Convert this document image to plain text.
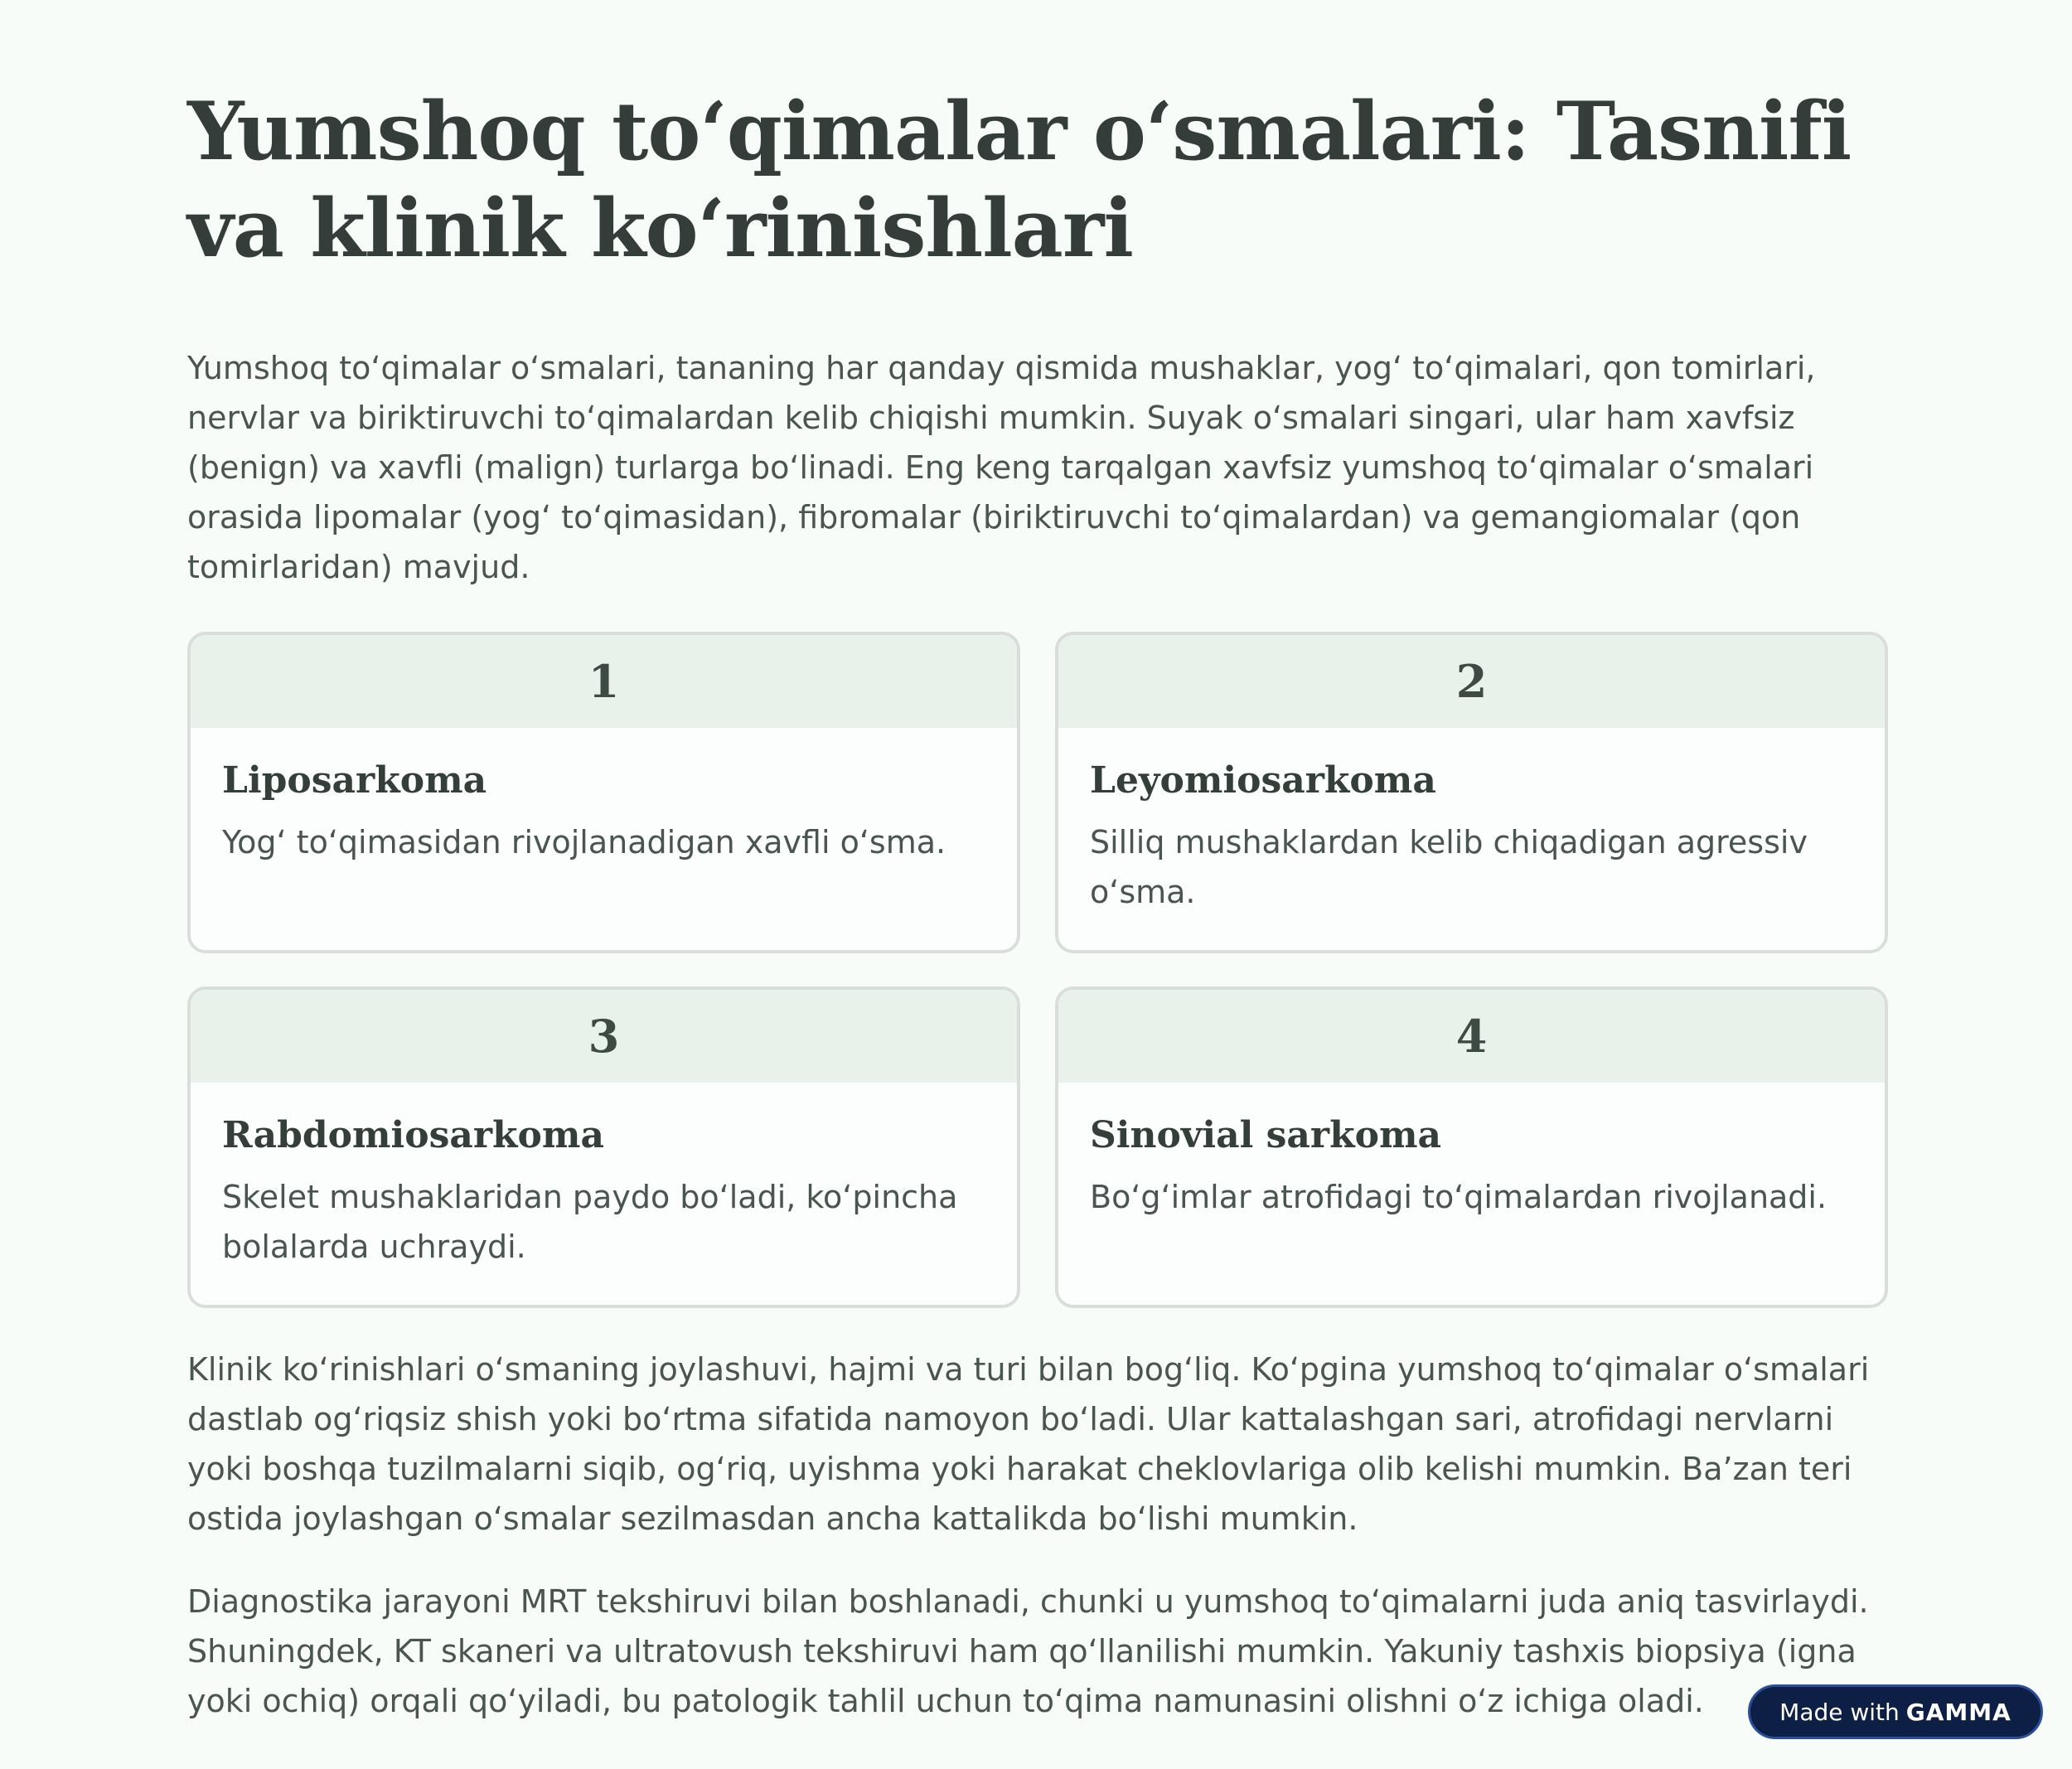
Yumshoq to‘qimalar o‘smalari: Tasnifi va klinik ko‘rinishlari

Yumshoq to‘qimalar o‘smalari, tananing har qanday qismida mushaklar, yog‘ to‘qimalari, qon tomirlari, nervlar va biriktiruvchi to‘qimalardan kelib chiqishi mumkin. Suyak o‘smalari singari, ular ham xavfsiz (benign) va xavfli (malign) turlarga bo‘linadi. Eng keng tarqalgan xavfsiz yumshoq to‘qimalar o‘smalari orasida lipomalar (yog‘ to‘qimasidan), fibromalar (biriktiruvchi to‘qimalardan) va gemangiomalar (qon tomirlaridan) mavjud.

1
Liposarkoma

Yog‘ to‘qimasidan rivojlanadigan xavfli o‘sma.

2
Leyomiosarkoma

Silliq mushaklardan kelib chiqadigan agressiv o‘sma.

3
Rabdomiosarkoma

Skelet mushaklaridan paydo bo‘ladi, ko‘pincha bolalarda uchraydi.

4
Sinovial sarkoma

Bo‘g‘imlar atrofidagi to‘qimalardan rivojlanadi.

Klinik ko‘rinishlari o‘smaning joylashuvi, hajmi va turi bilan bog‘liq. Ko‘pgina yumshoq to‘qimalar o‘smalari dastlab og‘riqsiz shish yoki bo‘rtma sifatida namoyon bo‘ladi. Ular kattalashgan sari, atrofidagi nervlarni yoki boshqa tuzilmalarni siqib, og‘riq, uyishma yoki harakat cheklovlariga olib kelishi mumkin. Ba’zan teri ostida joylashgan o‘smalar sezilmasdan ancha kattalikda bo‘lishi mumkin.

Diagnostika jarayoni MRT tekshiruvi bilan boshlanadi, chunki u yumshoq to‘qimalarni juda aniq tasvirlaydi. Shuningdek, KT skaneri va ultratovush tekshiruvi ham qo‘llanilishi mumkin. Yakuniy tashxis biopsiya (igna yoki ochiq) orqali qo‘yiladi, bu patologik tahlil uchun to‘qima namunasini olishni o‘z ichiga oladi.	Made with GAMMA
